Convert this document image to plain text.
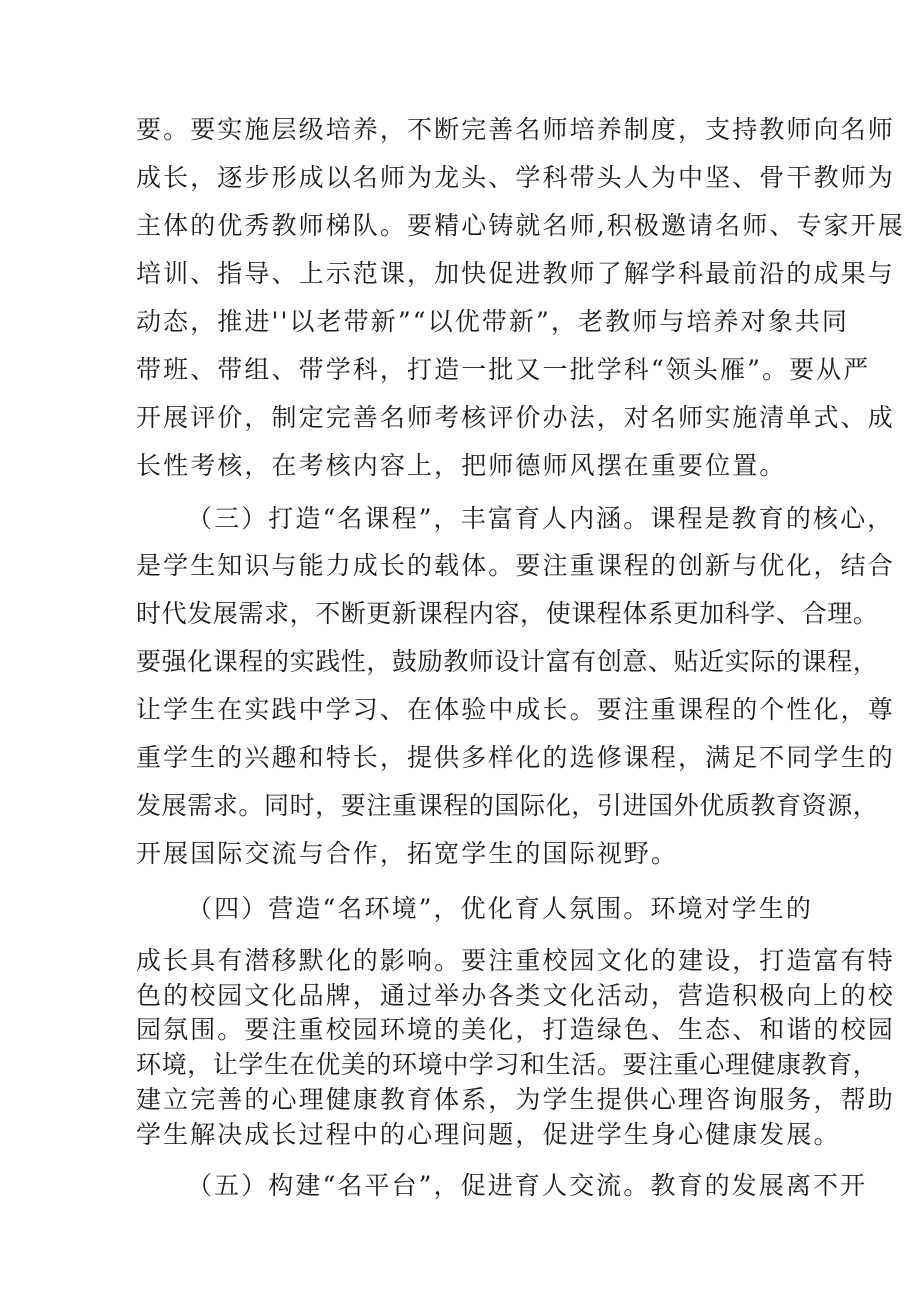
要。要实施层级培养，不断完善名师培养制度，支持教师向名师
成长，逐步形成以名师为龙头、学科带头人为中坚、骨干教师为
主体的优秀教师梯队。要精心铸就名师,积极邀请名师、专家开展
培训、指导、上示范课，加快促进教师了解学科最前沿的成果与
动态，推进''以老带新”“以优带新”，老教师与培养对象共同
带班、带组、带学科，打造一批又一批学科“领头雁”。要从严
开展评价，制定完善名师考核评价办法，对名师实施清单式、成
长性考核，在考核内容上，把师德师风摆在重要位置。
（三）打造“名课程”，丰富育人内涵。课程是教育的核心，
是学生知识与能力成长的载体。要注重课程的创新与优化，结合
时代发展需求，不断更新课程内容，使课程体系更加科学、合理。
要强化课程的实践性，鼓励教师设计富有创意、贴近实际的课程，
让学生在实践中学习、在体验中成长。要注重课程的个性化，尊
重学生的兴趣和特长，提供多样化的选修课程，满足不同学生的
发展需求。同时，要注重课程的国际化，引进国外优质教育资源，
开展国际交流与合作，拓宽学生的国际视野。
（四）营造“名环境”，优化育人氛围。环境对学生的
成长具有潜移默化的影响。要注重校园文化的建设，打造富有特
色的校园文化品牌，通过举办各类文化活动，营造积极向上的校
园氛围。要注重校园环境的美化，打造绿色、生态、和谐的校园
环境，让学生在优美的环境中学习和生活。要注重心理健康教育，
建立完善的心理健康教育体系，为学生提供心理咨询服务，帮助
学生解决成长过程中的心理问题，促进学生身心健康发展。
（五）构建“名平台”，促进育人交流。教育的发展离不开
